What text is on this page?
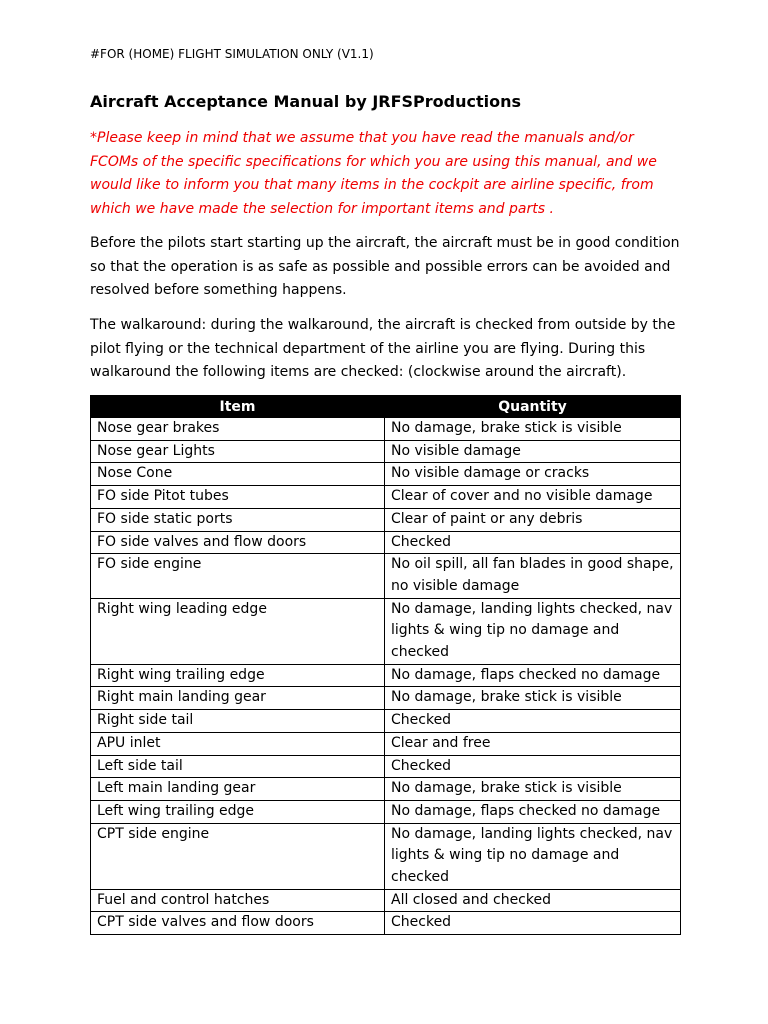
#FOR (HOME) FLIGHT SIMULATION ONLY (V1.1)
Aircraft Acceptance Manual by JRFSProductions

*Please keep in mind that we assume that you have read the manuals and/or FCOMs of the specific specifications for which you are using this manual, and we would like to inform you that many items in the cockpit are airline specific, from which we have made the selection for important items and parts .

Before the pilots start starting up the aircraft, the aircraft must be in good condition so that the operation is as safe as possible and possible errors can be avoided and resolved before something happens.

The walkaround: during the walkaround, the aircraft is checked from outside by the pilot flying or the technical department of the airline you are flying. During this walkaround the following items are checked: (clockwise around the aircraft).

Item	Quantity
Nose gear brakes	No damage, brake stick is visible
Nose gear Lights	No visible damage
Nose Cone	No visible damage or cracks
FO side Pitot tubes	Clear of cover and no visible damage
FO side static ports	Clear of paint or any debris
FO side valves and flow doors	Checked
FO side engine	No oil spill, all fan blades in good shape, no visible damage
Right wing leading edge	No damage, landing lights checked, nav lights & wing tip no damage and checked
Right wing trailing edge	No damage, flaps checked no damage
Right main landing gear	No damage, brake stick is visible
Right side tail	Checked
APU inlet	Clear and free
Left side tail	Checked
Left main landing gear	No damage, brake stick is visible
Left wing trailing edge	No damage, flaps checked no damage
CPT side engine	No damage, landing lights checked, nav lights & wing tip no damage and checked
Fuel and control hatches	All closed and checked
CPT side valves and flow doors	Checked
